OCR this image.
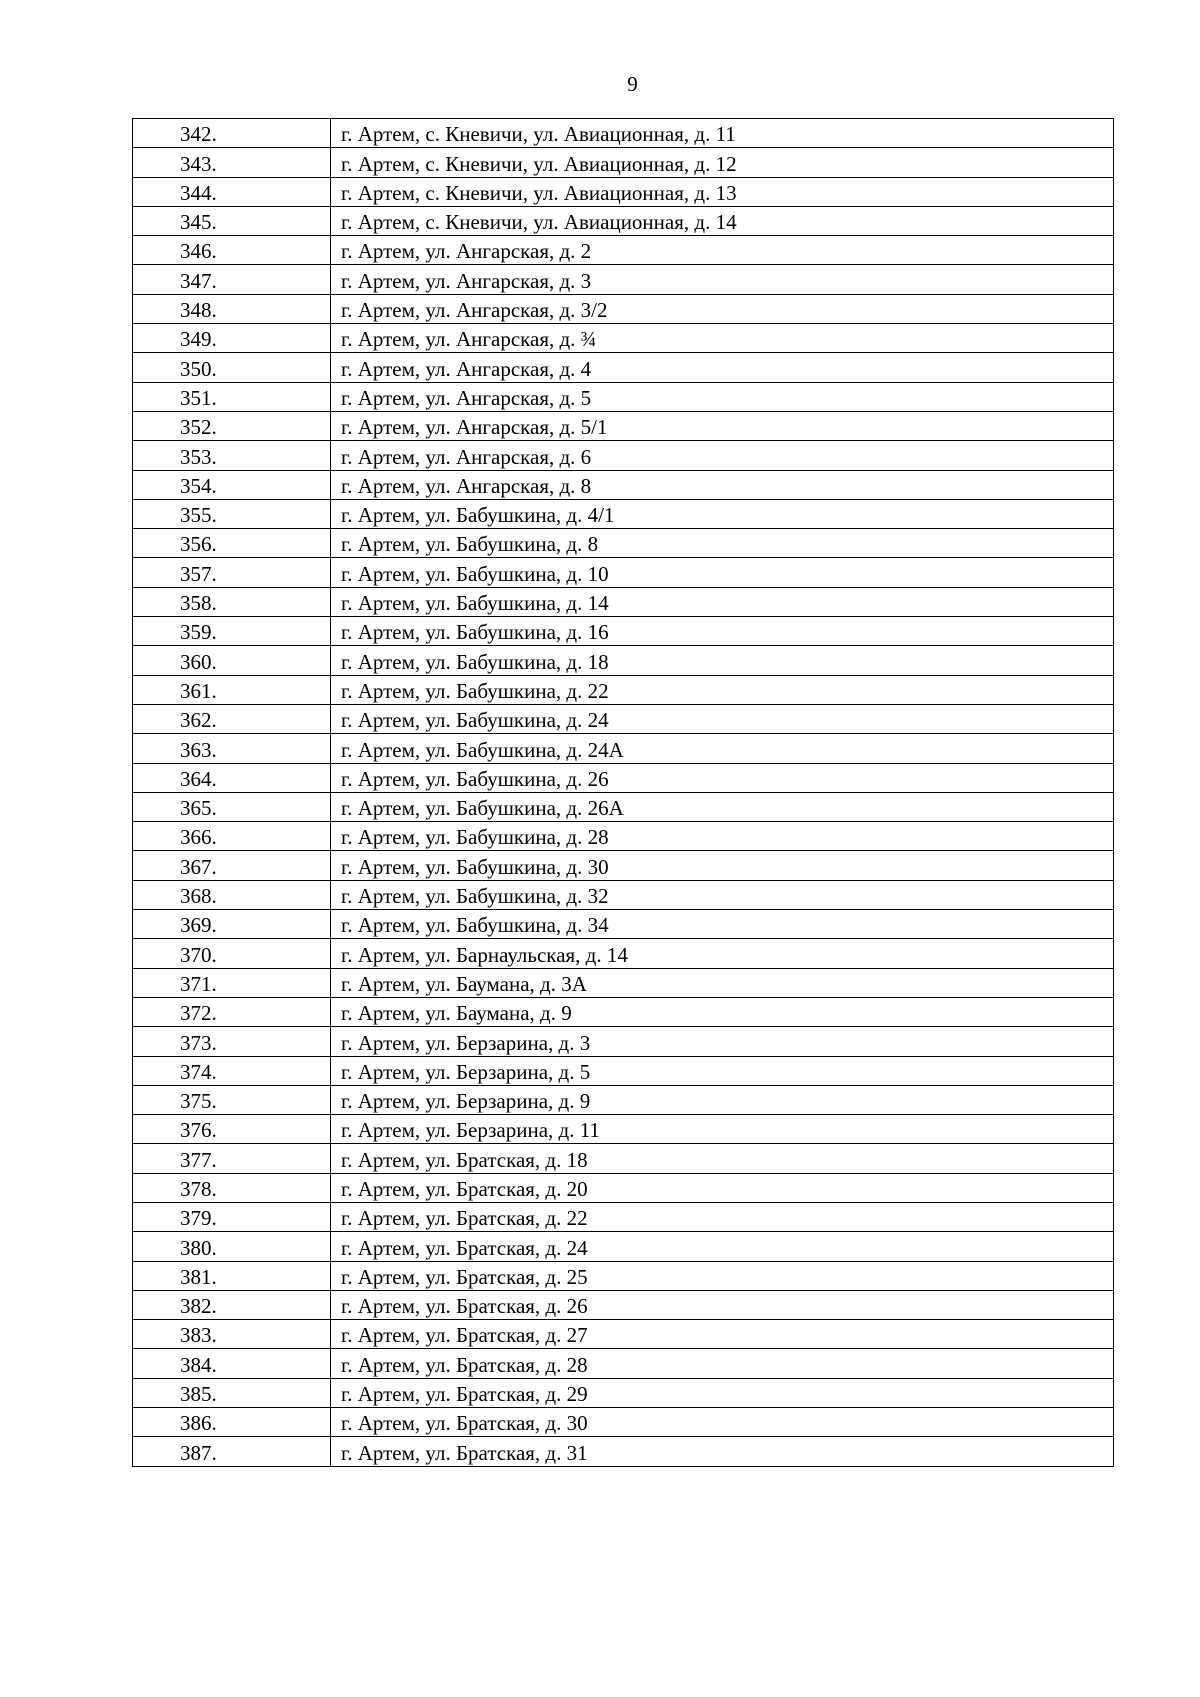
9
342.	г. Артем, с. Кневичи, ул. Авиационная, д. 11
343.	г. Артем, с. Кневичи, ул. Авиационная, д. 12
344.	г. Артем, с. Кневичи, ул. Авиационная, д. 13
345.	г. Артем, с. Кневичи, ул. Авиационная, д. 14
346.	г. Артем, ул. Ангарская, д. 2
347.	г. Артем, ул. Ангарская, д. 3
348.	г. Артем, ул. Ангарская, д. 3/2
349.	г. Артем, ул. Ангарская, д. ¾
350.	г. Артем, ул. Ангарская, д. 4
351.	г. Артем, ул. Ангарская, д. 5
352.	г. Артем, ул. Ангарская, д. 5/1
353.	г. Артем, ул. Ангарская, д. 6
354.	г. Артем, ул. Ангарская, д. 8
355.	г. Артем, ул. Бабушкина, д. 4/1
356.	г. Артем, ул. Бабушкина, д. 8
357.	г. Артем, ул. Бабушкина, д. 10
358.	г. Артем, ул. Бабушкина, д. 14
359.	г. Артем, ул. Бабушкина, д. 16
360.	г. Артем, ул. Бабушкина, д. 18
361.	г. Артем, ул. Бабушкина, д. 22
362.	г. Артем, ул. Бабушкина, д. 24
363.	г. Артем, ул. Бабушкина, д. 24А
364.	г. Артем, ул. Бабушкина, д. 26
365.	г. Артем, ул. Бабушкина, д. 26А
366.	г. Артем, ул. Бабушкина, д. 28
367.	г. Артем, ул. Бабушкина, д. 30
368.	г. Артем, ул. Бабушкина, д. 32
369.	г. Артем, ул. Бабушкина, д. 34
370.	г. Артем, ул. Барнаульская, д. 14
371.	г. Артем, ул. Баумана, д. 3А
372.	г. Артем, ул. Баумана, д. 9
373.	г. Артем, ул. Берзарина, д. 3
374.	г. Артем, ул. Берзарина, д. 5
375.	г. Артем, ул. Берзарина, д. 9
376.	г. Артем, ул. Берзарина, д. 11
377.	г. Артем, ул. Братская, д. 18
378.	г. Артем, ул. Братская, д. 20
379.	г. Артем, ул. Братская, д. 22
380.	г. Артем, ул. Братская, д. 24
381.	г. Артем, ул. Братская, д. 25
382.	г. Артем, ул. Братская, д. 26
383.	г. Артем, ул. Братская, д. 27
384.	г. Артем, ул. Братская, д. 28
385.	г. Артем, ул. Братская, д. 29
386.	г. Артем, ул. Братская, д. 30
387.	г. Артем, ул. Братская, д. 31
